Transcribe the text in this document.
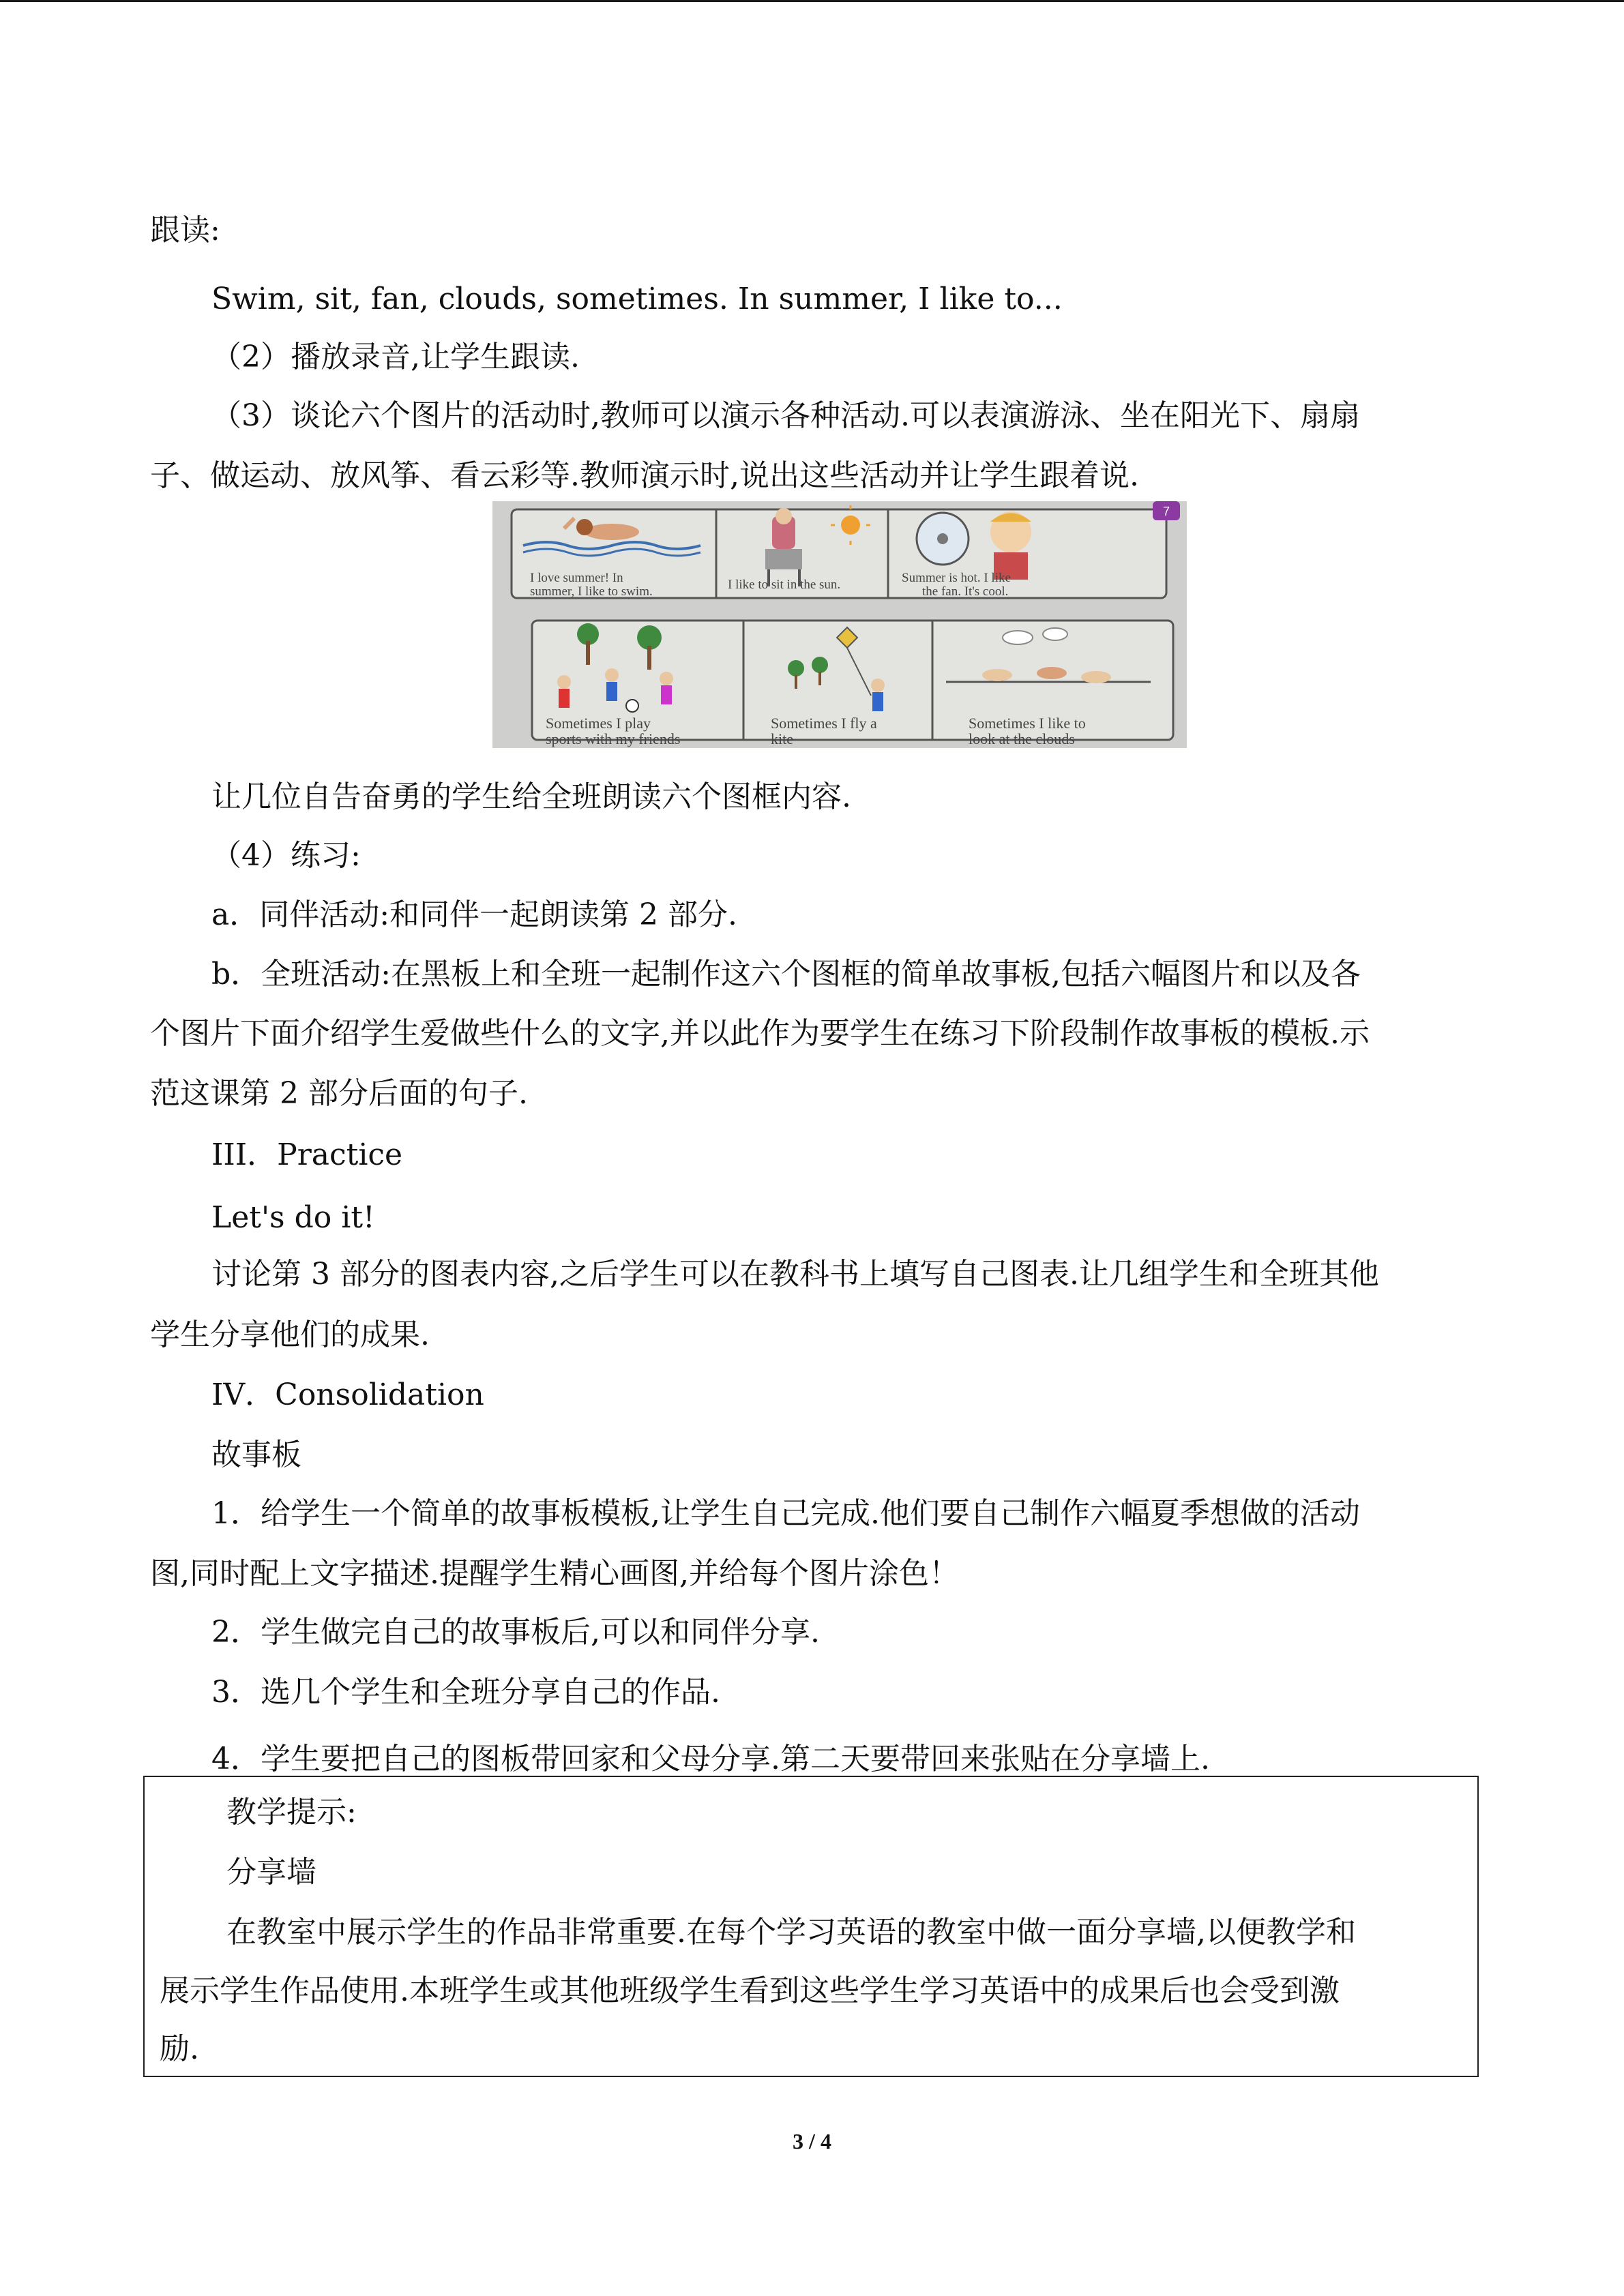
跟读:

Swim, sit, fan, clouds, sometimes. In summer, I like to...

（2）播放录音,让学生跟读.

（3）谈论六个图片的活动时,教师可以演示各种活动.可以表演游泳、坐在阳光下、扇扇

子、做运动、放风筝、看云彩等.教师演示时,说出这些活动并让学生跟着说.

I love summer! In
summer, I like to swim.	I like to sit in the sun.	Summer is hot. I like
the fan. It's cool.
Sometimes I play
sports with my friends
Sometimes I fly a
kite
Sometimes I like to
look at the clouds
7

让几位自告奋勇的学生给全班朗读六个图框内容.

（4）练习:

a．同伴活动:和同伴一起朗读第 2 部分.

b．全班活动:在黑板上和全班一起制作这六个图框的简单故事板,包括六幅图片和以及各

个图片下面介绍学生爱做些什么的文字,并以此作为要学生在练习下阶段制作故事板的模板.示

范这课第 2 部分后面的句子.

III．Practice

Let's do it!

讨论第 3 部分的图表内容,之后学生可以在教科书上填写自己图表.让几组学生和全班其他

学生分享他们的成果.

IV．Consolidation

故事板

1．给学生一个简单的故事板模板,让学生自己完成.他们要自己制作六幅夏季想做的活动

图,同时配上文字描述.提醒学生精心画图,并给每个图片涂色！

2．学生做完自己的故事板后,可以和同伴分享.

3．选几个学生和全班分享自己的作品.

4．学生要把自己的图板带回家和父母分享.第二天要带回来张贴在分享墙上.

教学提示:

分享墙

在教室中展示学生的作品非常重要.在每个学习英语的教室中做一面分享墙,以便教学和

展示学生作品使用.本班学生或其他班级学生看到这些学生学习英语中的成果后也会受到激

励.

3 / 4
